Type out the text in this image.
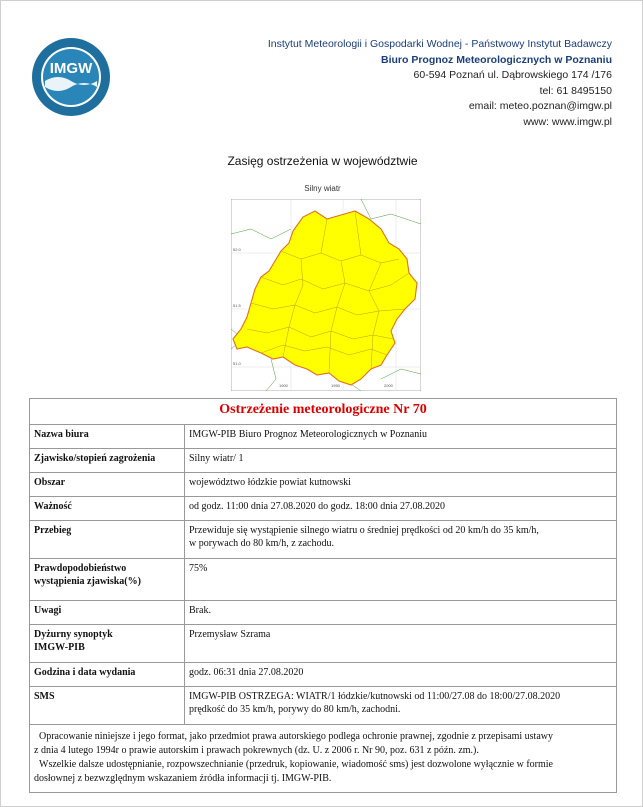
IMGW
Instytut Meteorologii i Gospodarki Wodnej - Państwowy Instytut Badawczy
Biuro Prognoz Meteorologicznych w Poznaniu
60-594 Poznań ul. Dąbrowskiego 174 /176
tel: 61 8495150
email: meteo.poznan@imgw.pl
www: www.imgw.pl
Zasięg ostrzeżenia w województwie
Silny wiatr
1900	1950	2000
52.0
51.5
51.0
Ostrzeżenie meteorologiczne Nr 70	
Nazwa biura	IMGW-PIB Biuro Prognoz Meteorologicznych w Poznaniu
Zjawisko/stopień zagrożenia	Silny wiatr/ 1
Obszar	województwo łódzkie powiat kutnowski
Ważność	od godz. 11:00 dnia 27.08.2020 do godz. 18:00 dnia 27.08.2020
Przebieg	Przewiduje się wystąpienie silnego wiatru o średniej prędkości od 20 km/h do 35 km/h,
w porywach do 80 km/h, z zachodu.

Prawdopodobieństwo
wystąpienia zjawiska(%)	75%
Uwagi	Brak.

Dyżurny synoptyk
IMGW-PIB	Przemysław Szrama
Godzina i data wydania	godz. 06:31 dnia 27.08.2020
SMS	IMGW-PIB OSTRZEGA: WIATR/1 łódzkie/kutnowski od 11:00/27.08 do 18:00/27.08.2020
prędkość do 35 km/h, porywy do 80 km/h, zachodni.

Opracowanie niniejsze i jego format, jako przedmiot prawa autorskiego podlega ochronie prawnej, zgodnie z przepisami ustawy
z dnia 4 lutego 1994r o prawie autorskim i prawach pokrewnych (dz. U. z 2006 r. Nr 90, poz. 631 z późn. zm.).
Wszelkie dalsze udostępnianie, rozpowszechnianie (przedruk, kopiowanie, wiadomość sms) jest dozwolone wyłącznie w formie
dosłownej z bezwzględnym wskazaniem źródła informacji tj. IMGW-PIB.	
